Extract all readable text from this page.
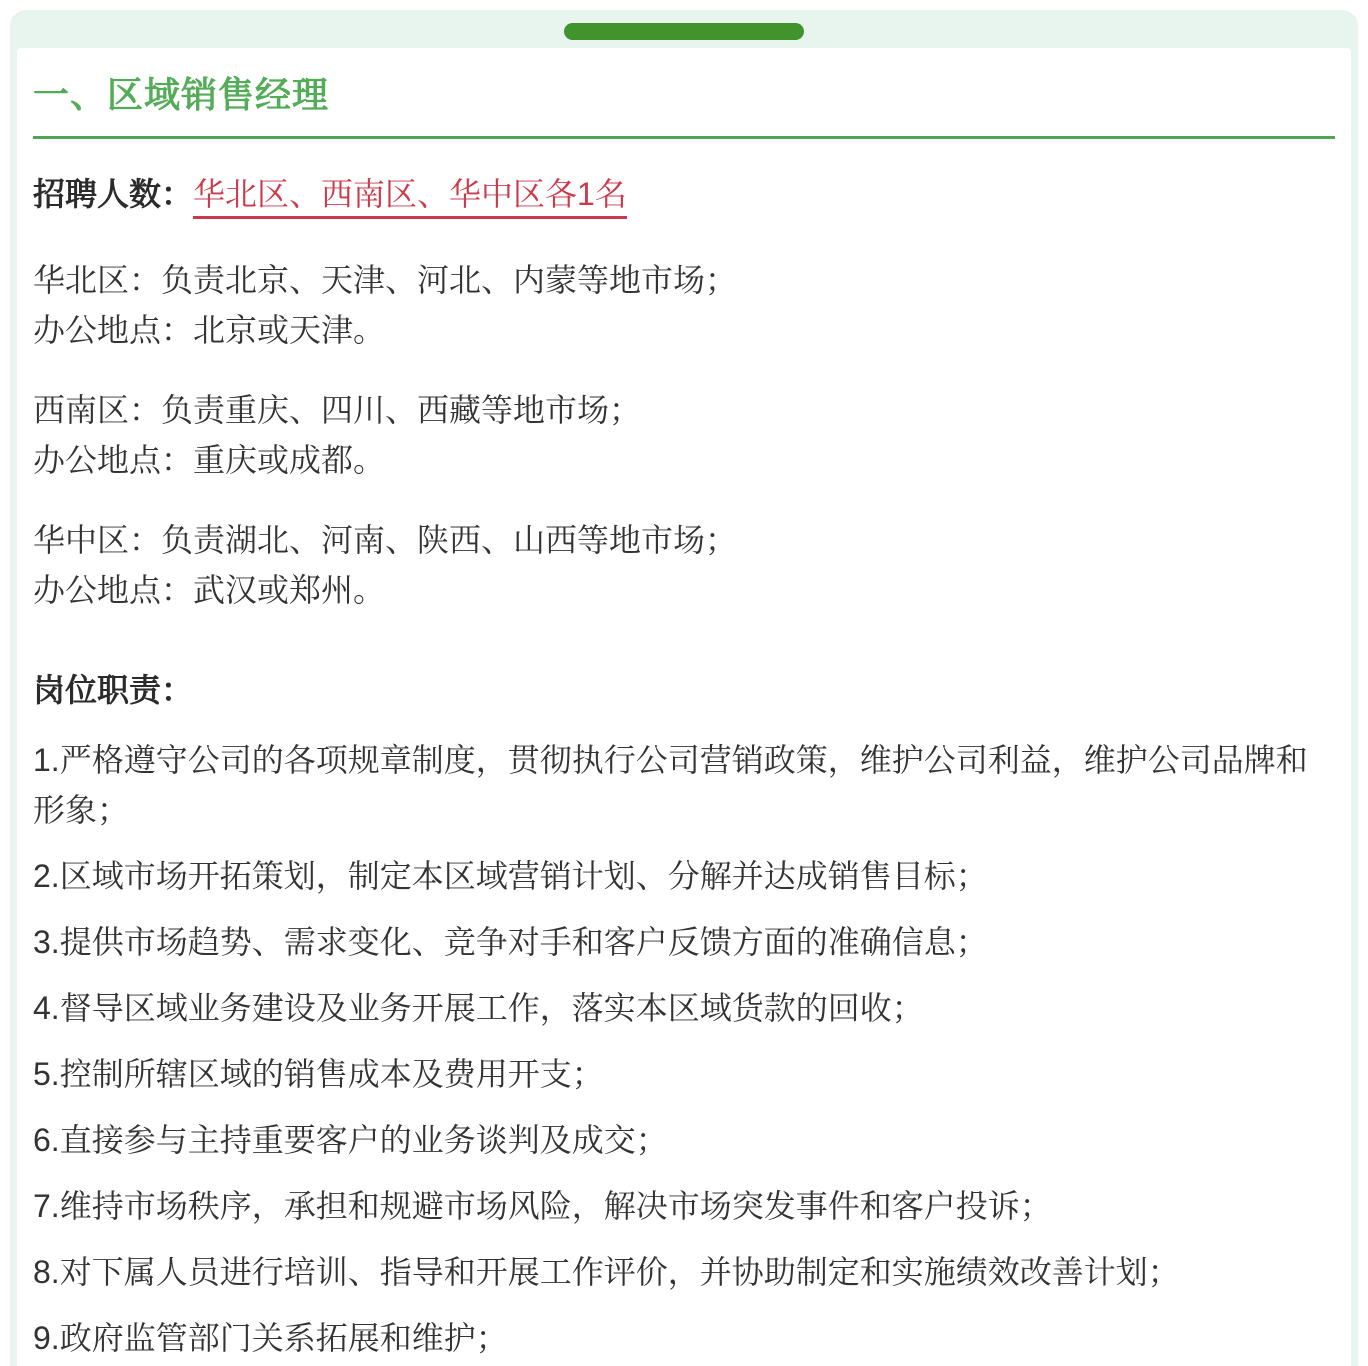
一、区域销售经理

招聘人数：华北区、西南区、华中区各1名

华北区：负责北京、天津、河北、内蒙等地市场；
办公地点：北京或天津。

西南区：负责重庆、四川、西藏等地市场；
办公地点：重庆或成都。

华中区：负责湖北、河南、陕西、山西等地市场；
办公地点：武汉或郑州。

岗位职责：

1.严格遵守公司的各项规章制度，贯彻执行公司营销政策，维护公司利益，维护公司品牌和形象；

2.区域市场开拓策划，制定本区域营销计划、分解并达成销售目标；

3.提供市场趋势、需求变化、竞争对手和客户反馈方面的准确信息；

4.督导区域业务建设及业务开展工作，落实本区域货款的回收；

5.控制所辖区域的销售成本及费用开支；

6.直接参与主持重要客户的业务谈判及成交；

7.维持市场秩序，承担和规避市场风险，解决市场突发事件和客户投诉；

8.对下属人员进行培训、指导和开展工作评价，并协助制定和实施绩效改善计划；

9.政府监管部门关系拓展和维护；
